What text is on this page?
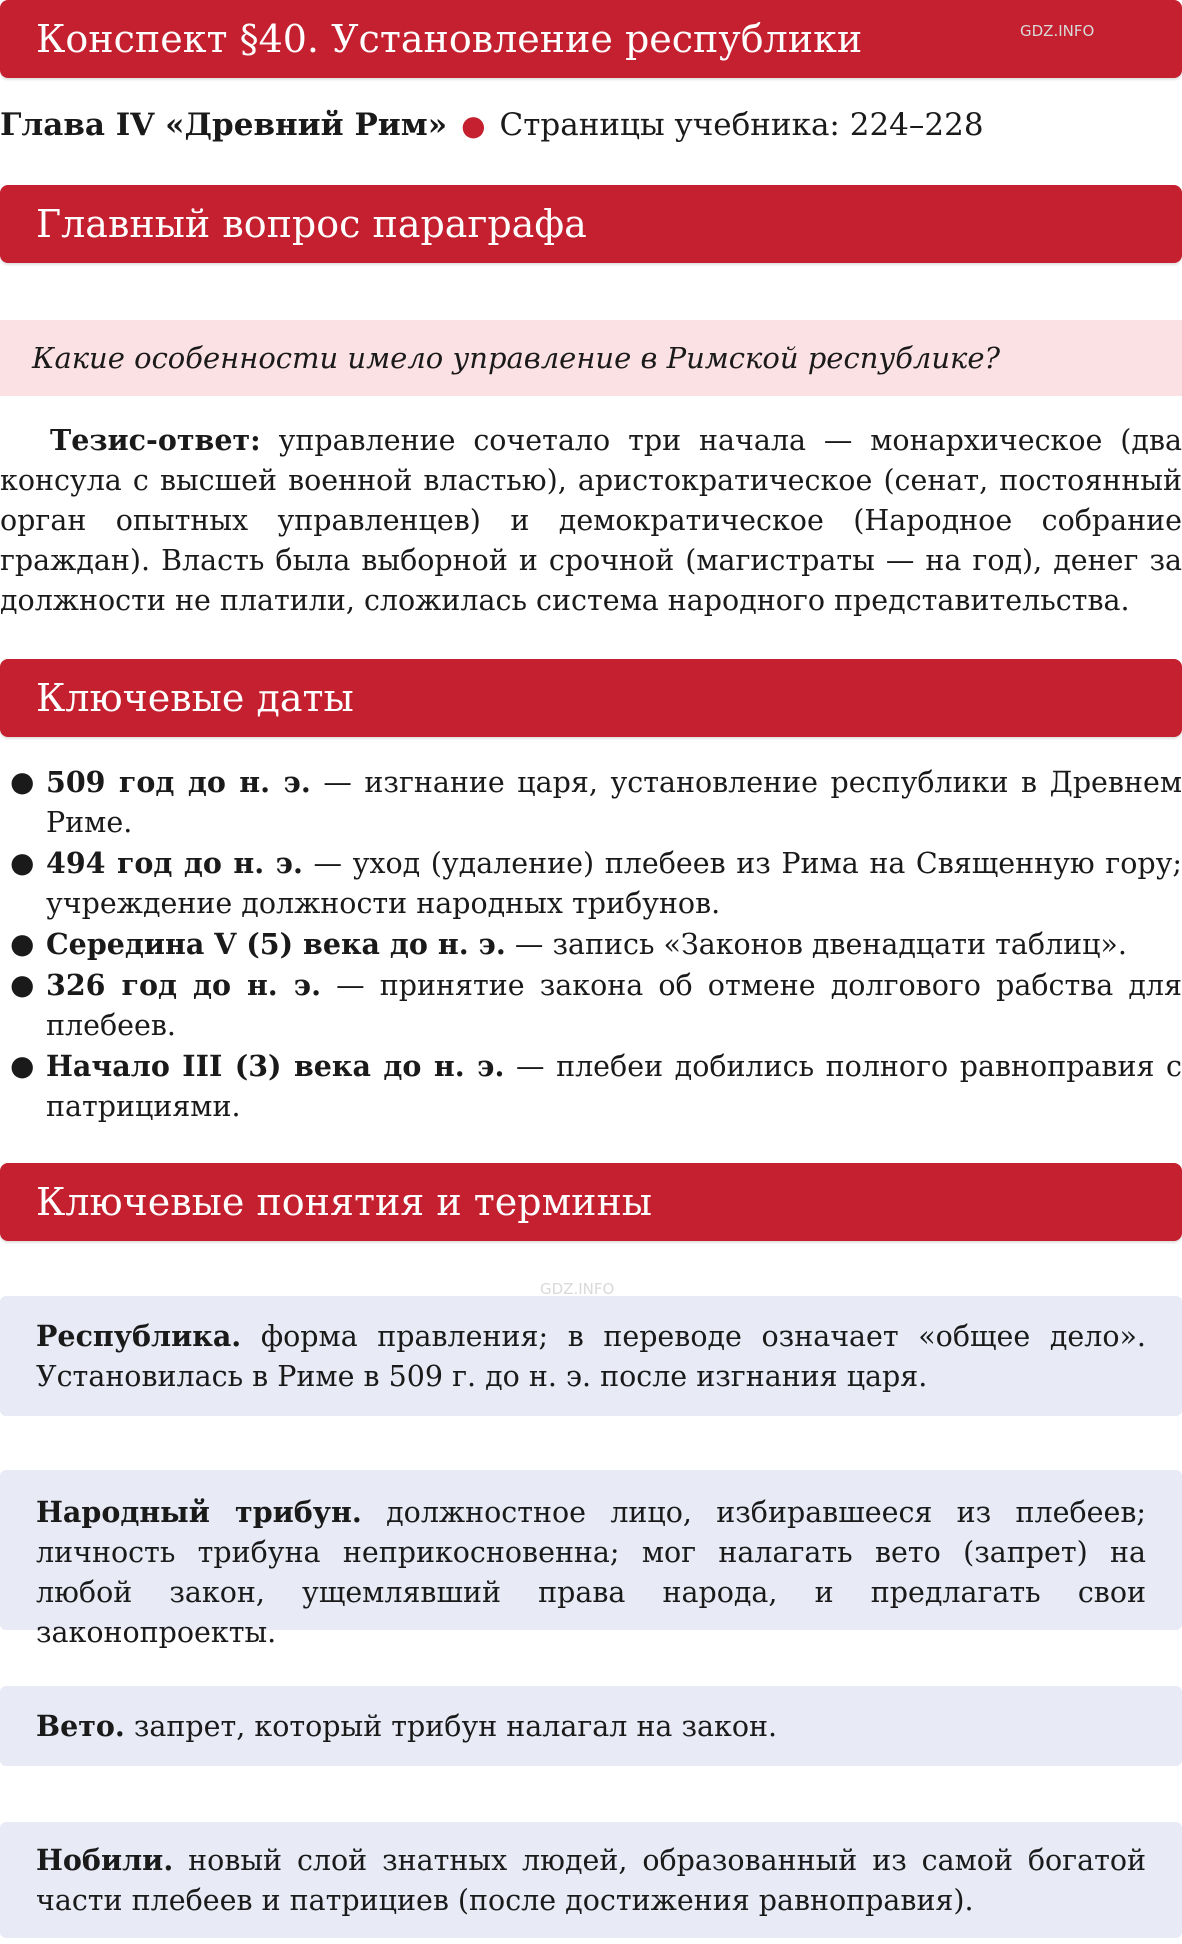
Конспект §40. Установление республики
Глава IV «Древний Рим» ● Страницы учебника: 224–228
Главный вопрос параграфа
Какие особенности имело управление в Римской республике?
Тезис-ответ: управление сочетало три начала — монархическое (два консула с высшей военной властью), аристократическое (сенат, постоянный орган опытных управленцев) и демократическое (Народное собрание граждан). Власть была выборной и срочной (магистраты — на год), денег за должности не платили, сложилась система народного представительства.
Ключевые даты
● 509 год до н. э. — изгнание царя, установление республики в Древнем Риме.
● 494 год до н. э. — уход (удаление) плебеев из Рима на Священную гору; учреждение должности народных трибунов.
● Середина V (5) века до н. э. — запись «Законов двенадцати таблиц».
● 326 год до н. э. — принятие закона об отмене долгового рабства для плебеев.
● Начало III (3) века до н. э. — плебеи добились полного равноправия с патрициями.
Ключевые понятия и термины
Республика. форма правления; в переводе означает «общее дело». Установилась в Риме в 509 г. до н. э. после изгнания царя.
Народный трибун. должностное лицо, избиравшееся из плебеев; личность трибуна неприкосновенна; мог налагать вето (запрет) на любой закон, ущемлявший права народа, и предлагать свои законопроекты.
Вето. запрет, который трибун налагал на закон.
Нобили. новый слой знатных людей, образованный из самой богатой части плебеев и патрициев (после достижения равноправия).
GDZ.INFO
GDZ.INFO
